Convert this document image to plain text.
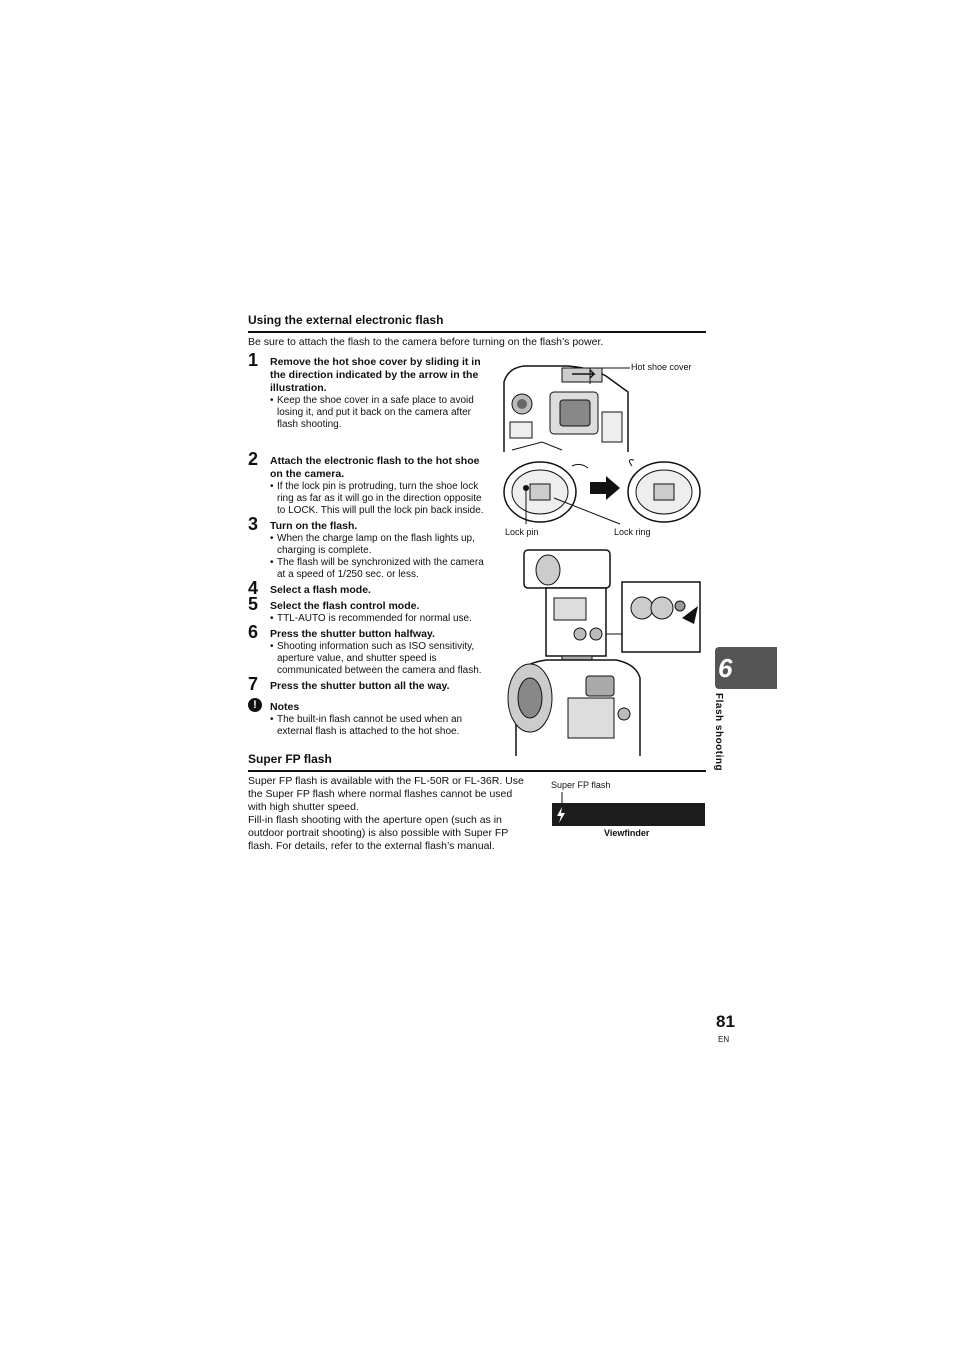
Using the external electronic flash
Be sure to attach the flash to the camera before turning on the flash’s power.
1 Remove the hot shoe cover by sliding it in
the direction indicated by the arrow in the
illustration.
• Keep the shoe cover in a safe place to avoid
losing it, and put it back on the camera after
flash shooting.
2 Attach the electronic flash to the hot shoe
on the camera.
• If the lock pin is protruding, turn the shoe lock
ring as far as it will go in the direction opposite
to LOCK. This will pull the lock pin back inside.
3 Turn on the flash.
• When the charge lamp on the flash lights up,
charging is complete.
• The flash will be synchronized with the camera
at a speed of 1/250 sec. or less.
4 Select a flash mode.
5 Select the flash control mode.
• TTL-AUTO is recommended for normal use.
6 Press the shutter button halfway.
• Shooting information such as ISO sensitivity,
aperture value, and shutter speed is
communicated between the camera and flash.
7 Press the shutter button all the way.
!	Notes
• The built-in flash cannot be used when an
external flash is attached to the hot shoe.
Hot shoe cover
Lock pin	Lock ring
Super FP flash
Super FP flash is available with the FL-50R or FL-36R. Use
the Super FP flash where normal flashes cannot be used
with high shutter speed.
Fill-in flash shooting with the aperture open (such as in
outdoor portrait shooting) is also possible with Super FP
flash. For details, refer to the external flash’s manual.
Super FP flash
Viewfinder
6
Flash shooting
81
EN
